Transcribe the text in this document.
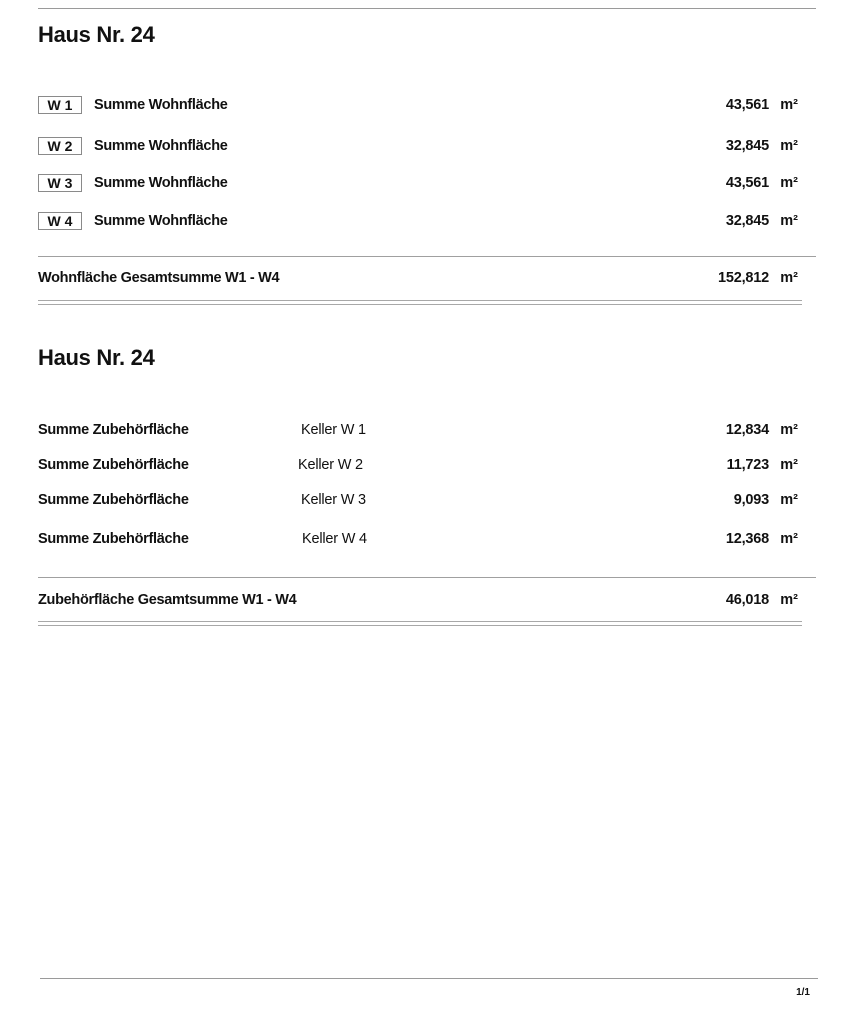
Haus Nr. 24
W 1	Summe Wohnfläche	43,561 m²
W 2	Summe Wohnfläche	32,845 m²
W 3	Summe Wohnfläche	43,561 m²
W 4	Summe Wohnfläche	32,845 m²
Wohnfläche Gesamtsumme W1 - W4	152,812 m²
Haus Nr. 24
Summe Zubehörfläche	Keller W 1	12,834 m²
Summe Zubehörfläche	Keller W 2	11,723 m²
Summe Zubehörfläche	Keller W 3	9,093 m²
Summe Zubehörfläche	Keller W 4	12,368 m²
Zubehörfläche Gesamtsumme W1 - W4	46,018 m²
1/1
